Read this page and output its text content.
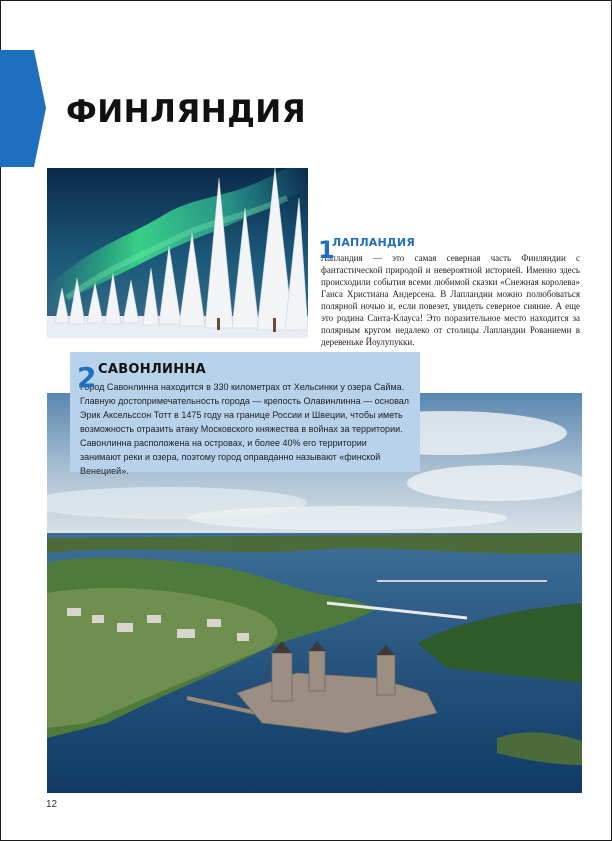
ФИНЛЯНДИЯ
1
ЛАПЛАНДИЯ

Лапландия — это самая северная часть Финляндии с фантастической природой и невероятной историей. Именно здесь происходили события всеми любимой сказки «Снежная королева» Ганса Христиана Андерсена. В Лапландии можно полюбоваться полярной ночью и, если повезет, увидеть северное сияние. А еще это родина Санта-Клауса! Это поразительное место находится за полярным кругом недалеко от столицы Лапландии Рованиеми в деревеньке Йоулупукки.

2 САВОНЛИННА

Город Савонлинна находится в 330 километрах от Хельсинки у озера Сайма. Главную достопримечательность города — крепость Олавинлинна — основал Эрик Аксельссон Тотт в 1475 году на границе России и Швеции, чтобы иметь возможность отразить атаку Московского княжества в войнах за территории. Савонлинна расположена на островах, и более 40% его территории занимают реки и озера, поэтому город оправданно называют «финской Венецией».

12
